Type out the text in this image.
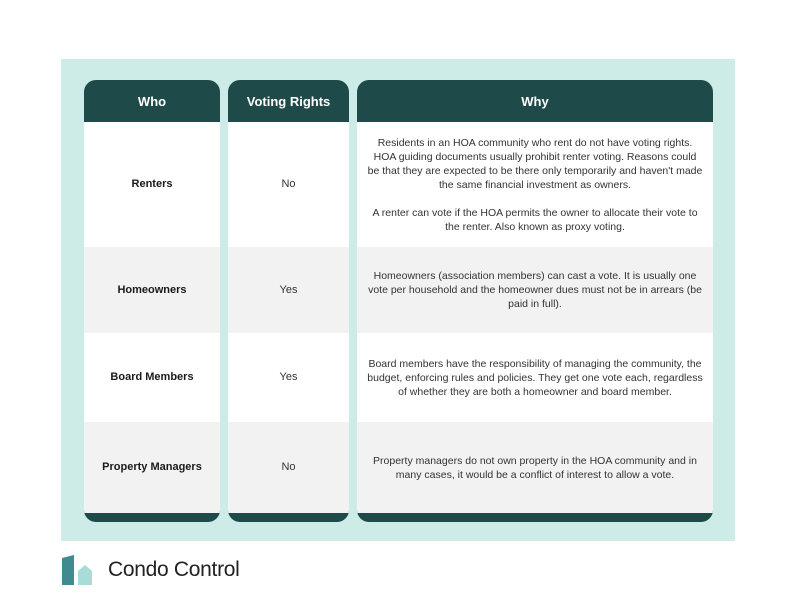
Who
Renters
Homeowners
Board Members
Property Managers
Voting Rights
No
Yes
Yes
No
Why

Residents in an HOA community who rent do not have voting rights. HOA guiding documents usually prohibit renter voting. Reasons could be that they are expected to be there only temporarily and haven't made the same financial investment as owners.

A renter can vote if the HOA permits the owner to allocate their vote to the renter. Also known as proxy voting.

Homeowners (association members) can cast a vote. It is usually one vote per household and the homeowner dues must not be in arrears (be paid in full).

Board members have the responsibility of managing the community, the budget, enforcing rules and policies. They get one vote each, regardless of whether they are both a homeowner and board member.

Property managers do not own property in the HOA community and in many cases, it would be a conflict of interest to allow a vote.

Condo Control
